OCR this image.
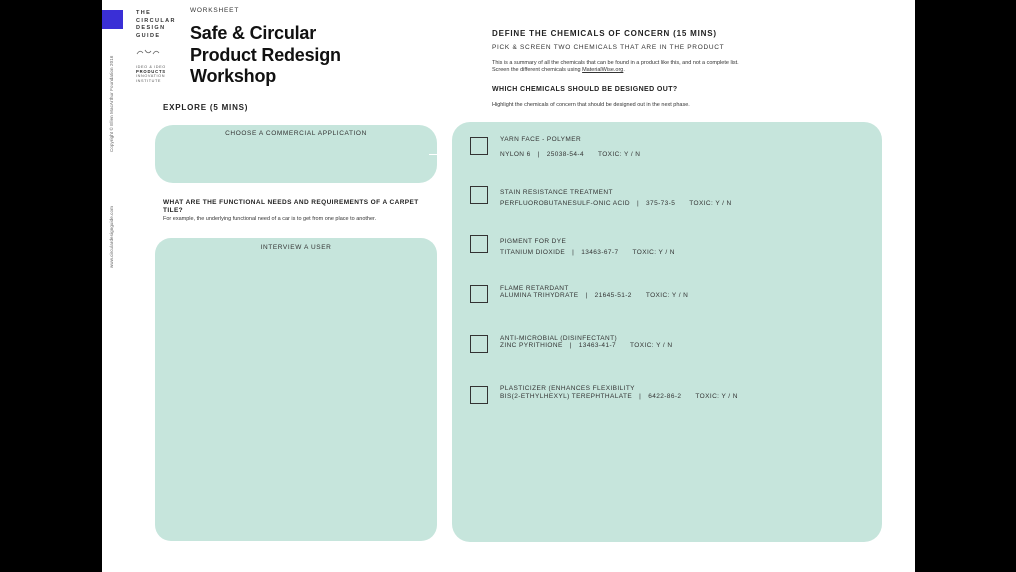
Copyright © Ellen MacArthur Foundation 2016
www.circulardesignguide.com
THE
CIRCULAR
DESIGN
GUIDE
IDEO & IDEO
PRODUCTS
INNOVATION
INSTITUTE
WORKSHEET
Safe & Circular
Product Redesign
Workshop
EXPLORE (5 MINS)
CHOOSE A COMMERCIAL APPLICATION
WHAT ARE THE FUNCTIONAL NEEDS AND REQUIREMENTS OF A CARPET TILE?
For example, the underlying functional need of a car is to get from one place to another.
INTERVIEW A USER
DEFINE THE CHEMICALS OF CONCERN (15 MINS)
PICK & SCREEN TWO CHEMICALS THAT ARE IN THE PRODUCT
This is a summary of all the chemicals that can be found in a product like this, and not a complete list.
Screen the different chemicals using MaterialWise.org.
WHICH CHEMICALS SHOULD BE DESIGNED OUT?
Highlight the chemicals of concern that should be designed out in the next phase.
YARN FACE - POLYMER
NYLON 6 | 25038-54-4 TOXIC: Y / N
STAIN RESISTANCE TREATMENT
PERFLUOROBUTANESULF-ONIC ACID | 375-73-5 TOXIC: Y / N
PIGMENT FOR DYE
TITANIUM DIOXIDE | 13463-67-7 TOXIC: Y / N
FLAME RETARDANT
ALUMINA TRIHYDRATE | 21645-51-2 TOXIC: Y / N
ANTI-MICROBIAL (DISINFECTANT)
ZINC PYRITHIONE | 13463-41-7 TOXIC: Y / N
PLASTICIZER (ENHANCES FLEXIBILITY
BIS(2-ETHYLHEXYL) TEREPHTHALATE | 6422-86-2 TOXIC: Y / N
